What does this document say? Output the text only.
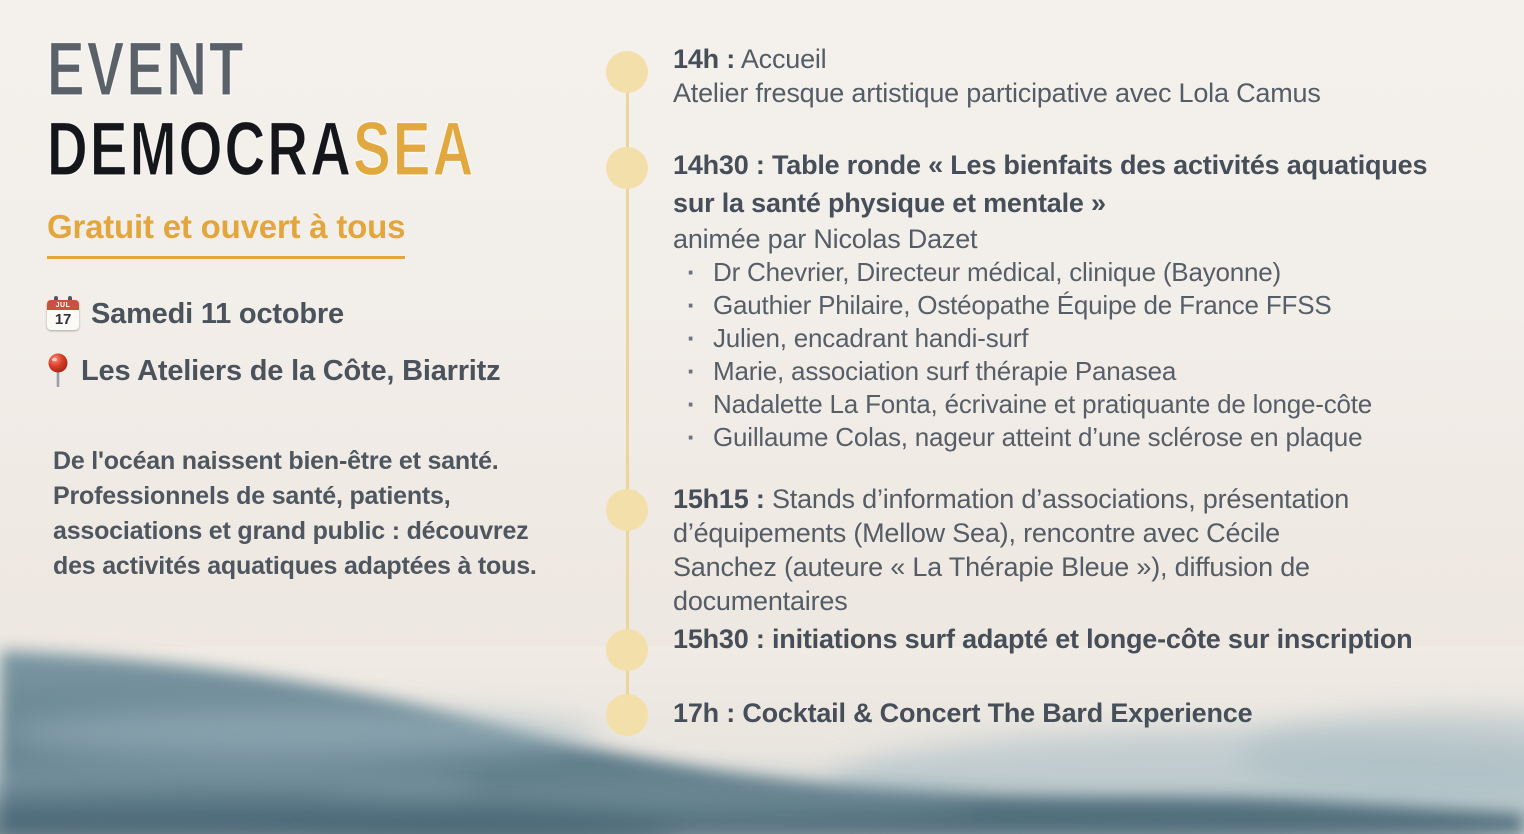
EVENT
DEMOCRASEA
Gratuit et ouvert à tous
JUL
17 Samedi 11 octobre
Les Ateliers de la Côte, Biarritz
De l'océan naissent bien-être et santé.
Professionnels de santé, patients,
associations et grand public : découvrez
des activités aquatiques adaptées à tous.

14h : Accueil

Atelier fresque artistique participative avec Lola Camus

14h30 : Table ronde « Les bienfaits des activités aquatiques sur la santé physique et mentale »

animée par Nicolas Dazet

· Dr Chevrier, Directeur médical, clinique (Bayonne)
· Gauthier Philaire, Ostéopathe Équipe de France FFSS
· Julien, encadrant handi-surf
· Marie, association surf thérapie Panasea
· Nadalette La Fonta, écrivaine et pratiquante de longe-côte
· Guillaume Colas, nageur atteint d’une sclérose en plaque

15h15 : Stands d’information d’associations, présentation d’équipements (Mellow Sea), rencontre avec Cécile Sanchez (auteure « La Thérapie Bleue »), diffusion de documentaires

15h30 : initiations surf adapté et longe-côte sur inscription

17h : Cocktail & Concert The Bard Experience
